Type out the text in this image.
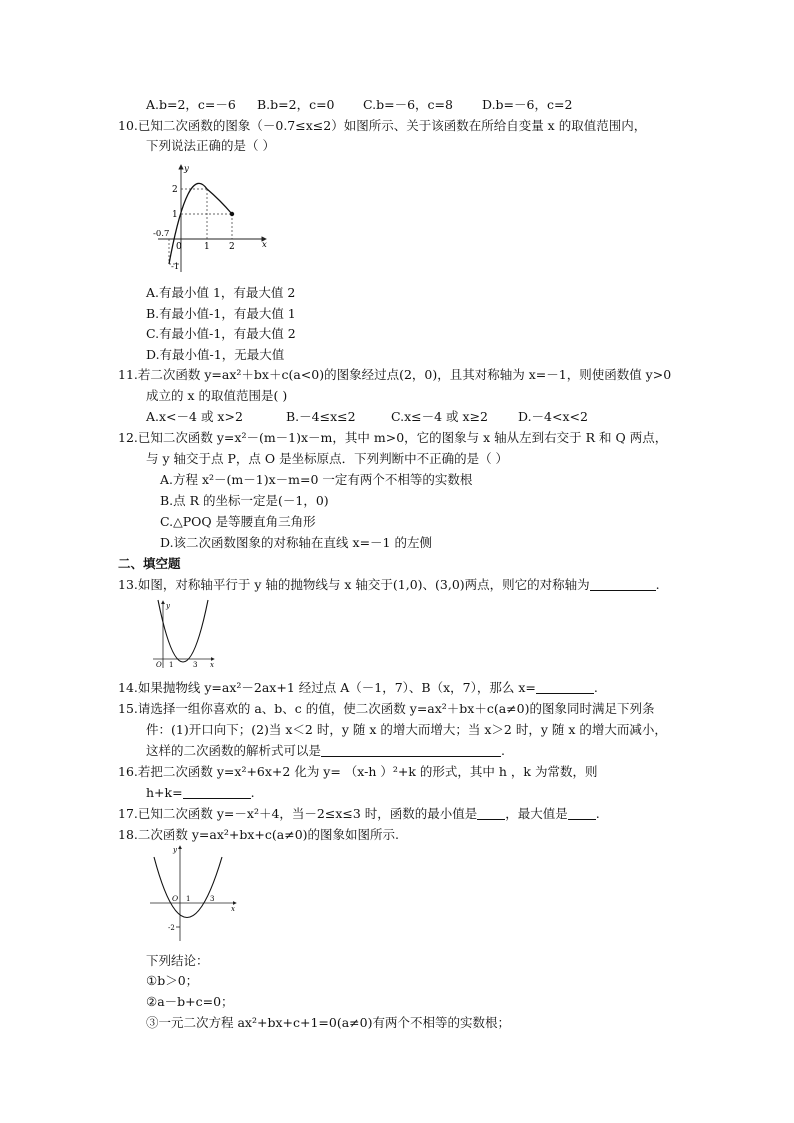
A.b=2，c=－6 B.b=2，c=0 C.b=－6，c=8 D.b=－6，c=2
10.已知二次函数的图象（－0.7≤x≤2）如图所示、关于该函数在所给自变量 x 的取值范围内，
下列说法正确的是（ ）
2
1
-0.7
0 1 2
-1
y
x
A.有最小值 1，有最大值 2
B.有最小值-1，有最大值 1
C.有最小值-1，有最大值 2
D.有最小值-1，无最大值
11.若二次函数 y=ax²＋bx＋c(a<0)的图象经过点(2，0)，且其对称轴为 x=－1，则使函数值 y>0
成立的 x 的取值范围是( )
A.x<－4 或 x>2	B.－4≤x≤2	C.x≤－4 或 x≥2 D.－4<x<2
12.已知二次函数 y=x²－(m－1)x－m，其中 m>0，它的图象与 x 轴从左到右交于 R 和 Q 两点，
与 y 轴交于点 P，点 O 是坐标原点．下列判断中不正确的是（ ）
A.方程 x²－(m－1)x－m=0 一定有两个不相等的实数根
B.点 R 的坐标一定是(－1，0)
C.△POQ 是等腰直角三角形
D.该二次函数图象的对称轴在直线 x=－1 的左侧
二、填空题
13.如图，对称轴平行于 y 轴的抛物线与 x 轴交于(1,0)、(3,0)两点，则它的对称轴为	.
y
O 1	3 x
14.如果抛物线 y=ax²－2ax+1 经过点 A（－1，7）、B（x，7），那么 x=	.
15.请选择一组你喜欢的 a、b、c 的值，使二次函数 y=ax²＋bx＋c(a≠0)的图象同时满足下列条
件：(1)开口向下；(2)当 x＜2 时，y 随 x 的增大而增大；当 x＞2 时，y 随 x 的增大而减小，
这样的二次函数的解析式可以是	.
16.若把二次函数 y=x²+6x+2 化为 y= （x-h ）²+k 的形式，其中 h ，k 为常数，则
h+k=	.
17.已知二次函数 y=－x²＋4，当－2≤x≤3 时，函数的最小值是 ，最大值是 .
18.二次函数 y=ax²+bx+c(a≠0)的图象如图所示.
y
O 1	3
x
-2
下列结论：
①b＞0；
②a－b+c=0；
③一元二次方程 ax²+bx+c+1=0(a≠0)有两个不相等的实数根；
